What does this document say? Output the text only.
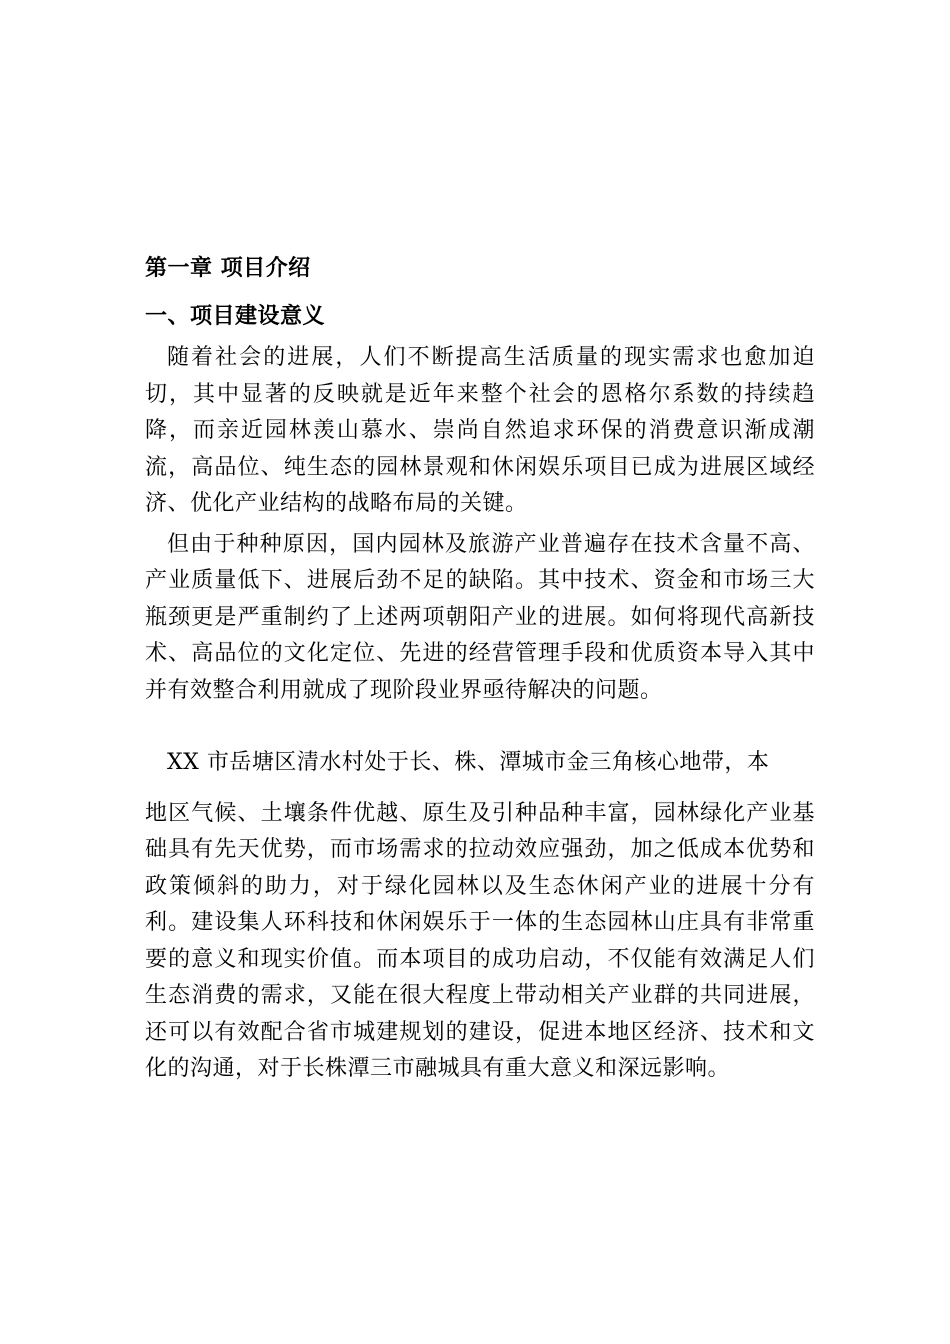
第一章 项目介绍
一、项目建设意义

随着社会的进展，人们不断提高生活质量的现实需求也愈加迫切，其中显著的反映就是近年来整个社会的恩格尔系数的持续趋降，而亲近园林羡山慕水、崇尚自然追求环保的消费意识渐成潮流，高品位、纯生态的园林景观和休闲娱乐项目已成为进展区域经济、优化产业结构的战略布局的关键。

但由于种种原因，国内园林及旅游产业普遍存在技术含量不高、产业质量低下、进展后劲不足的缺陷。其中技术、资金和市场三大瓶颈更是严重制约了上述两项朝阳产业的进展。如何将现代高新技术、高品位的文化定位、先进的经营管理手段和优质资本导入其中并有效整合利用就成了现阶段业界亟待解决的问题。

XX 市岳塘区清水村处于长、株、潭城市金三角核心地带，本

地区气候、土壤条件优越、原生及引种品种丰富，园林绿化产业基础具有先天优势，而市场需求的拉动效应强劲，加之低成本优势和政策倾斜的助力，对于绿化园林以及生态休闲产业的进展十分有利。建设集人环科技和休闲娱乐于一体的生态园林山庄具有非常重要的意义和现实价值。而本项目的成功启动，不仅能有效满足人们生态消费的需求，又能在很大程度上带动相关产业群的共同进展，还可以有效配合省市城建规划的建设，促进本地区经济、技术和文化的沟通，对于长株潭三市融城具有重大意义和深远影响。
